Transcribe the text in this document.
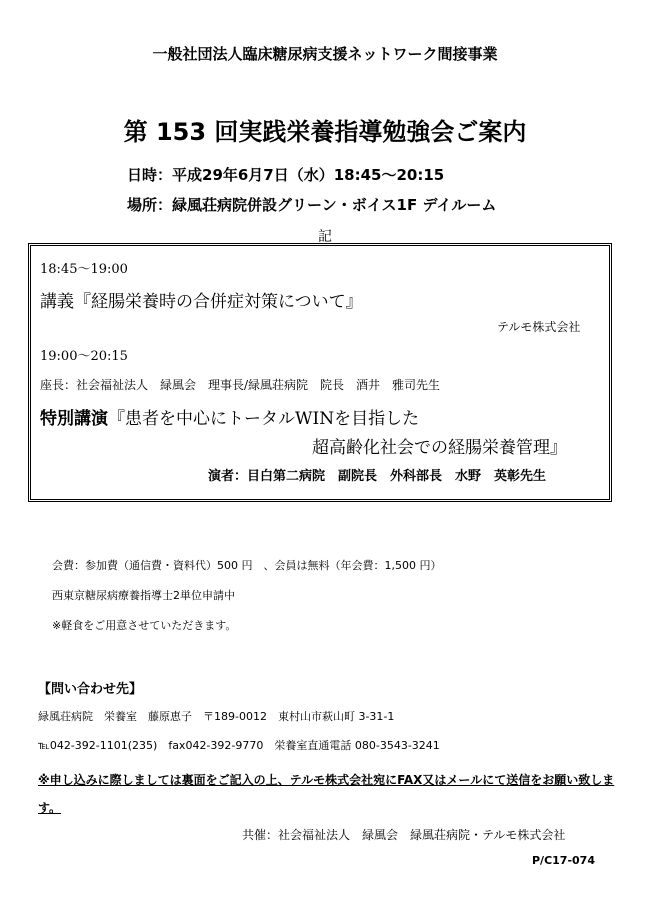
一般社団法人臨床糖尿病支援ネットワーク間接事業
第 153 回実践栄養指導勉強会ご案内
日時：平成29年6月7日（水）18:45〜20:15
場所：緑風荘病院併設グリーン・ボイス1F デイルーム
記
18:45〜19:00
講義『経腸栄養時の合併症対策について』
テルモ株式会社
19:00〜20:15
座長：社会福祉法人　緑風会　理事長/緑風荘病院　院長　酒井　雅司先生
特別講演『患者を中心にトータルWINを目指した
超高齢化社会での経腸栄養管理』
演者：目白第二病院　副院長　外科部長　水野　英彰先生
会費：参加費（通信費・資料代）500 円　、会員は無料（年会費：1,500 円）
西東京糖尿病療養指導士2単位申請中
※軽食をご用意させていただきます。
【問い合わせ先】
緑風荘病院　栄養室　藤原恵子　〒189-0012　東村山市萩山町 3-31-1
℡042-392-1101(235)　fax042-392-9770　栄養室直通電話 080-3543-3241
※申し込みに際しましては裏面をご記入の上、テルモ株式会社宛にFAX又はメールにて送信をお願い致します。
共催：社会福祉法人　緑風会　緑風荘病院・テルモ株式会社
P/C17-074
